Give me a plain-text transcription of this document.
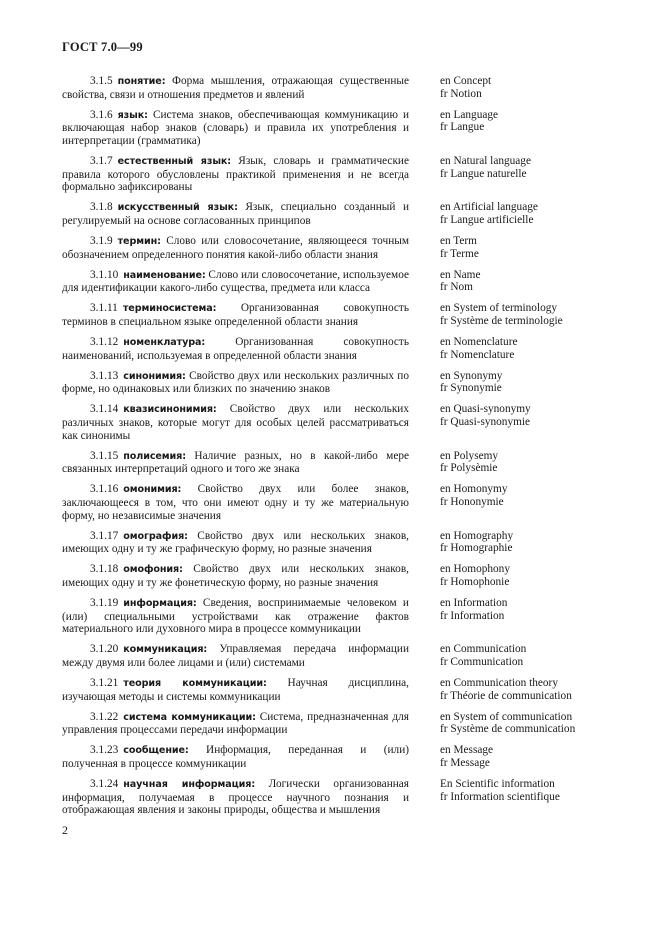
ГОСТ 7.0—99
3.1.5 понятие: Форма мышления, отражающая существенные свойства, связи и отношения предметов и явлений
en Concept
fr Notion
3.1.6 язык: Система знаков, обеспечивающая коммуникацию и включающая набор знаков (словарь) и правила их употребления и интерпретации (грамматика)
en Language
fr Langue
3.1.7 естественный язык: Язык, словарь и грамматические правила которого обусловлены практикой применения и не всегда формально зафиксированы
en Natural language
fr Langue naturelle
3.1.8 искусственный язык: Язык, специально созданный и регулируемый на основе согласованных принципов
en Artificial language
fr Langue artificielle
3.1.9 термин: Слово или словосочетание, являющееся точным обозначением определенного понятия какой-либо области знания
en Term
fr Terme
3.1.10 наименование: Слово или словосочетание, используемое для идентификации какого-либо существа, предмета или класса
en Name
fr Nom
3.1.11 терминосистема: Организованная совокупность терминов в специальном языке определенной области знания
en System of terminology
fr Système de terminologie
3.1.12 номенклатура:	Организованная совокупность наименований, используемая в определенной области знания
en Nomenclature
fr Nomenclature
3.1.13 синонимия: Свойство двух или нескольких различных по форме, но одинаковых или близких по значению знаков
en Synonymy
fr Synonymie
3.1.14 квазисинонимия: Свойство двух или нескольких различных знаков, которые могут для особых целей рассматриваться как синонимы
en Quasi-synonymy
fr Quasi-synonymie
3.1.15 полисемия: Наличие разных, но в какой-либо мере связанных интерпретаций одного и того же знака
en Polysemy
fr Polysèmie
3.1.16 омонимия: Свойство двух или более знаков, заключающееся в том, что они имеют одну и ту же материальную форму, но независимые значения
en Homonymy
fr Hononymie
3.1.17 омография: Свойство двух или нескольких знаков, имеющих одну и ту же графическую форму, но разные значения
en Homography
fr Homographie
3.1.18 омофония: Свойство двух или нескольких знаков, имеющих одну и ту же фонетическую форму, но разные значения
en Homophony
fr Homophonie
3.1.19 информация: Сведения, воспринимаемые человеком и (или) специальными устройствами как отражение фактов материального или духовного мира в процессе коммуникации
en Information
fr Information
3.1.20 коммуникация: Управляемая передача информации между двумя или более лицами и (или) системами
en Communication
fr Communication
3.1.21 теория коммуникации: Научная дисциплина, изучающая методы и системы коммуникации
en Communication theory
fr Théorie de communication
3.1.22 система коммуникации: Система, предназначенная для управления процессами передачи информации
en System of communication
fr Système de communication
3.1.23 сообщение: Информация, переданная и (или) полученная в процессе коммуникации
en Message
fr Message
3.1.24 научная информация: Логически организованная информация, получаемая в процессе научного познания и отображающая явления и законы природы, общества и мышления
En Scientific information
fr Information scientifique
2
